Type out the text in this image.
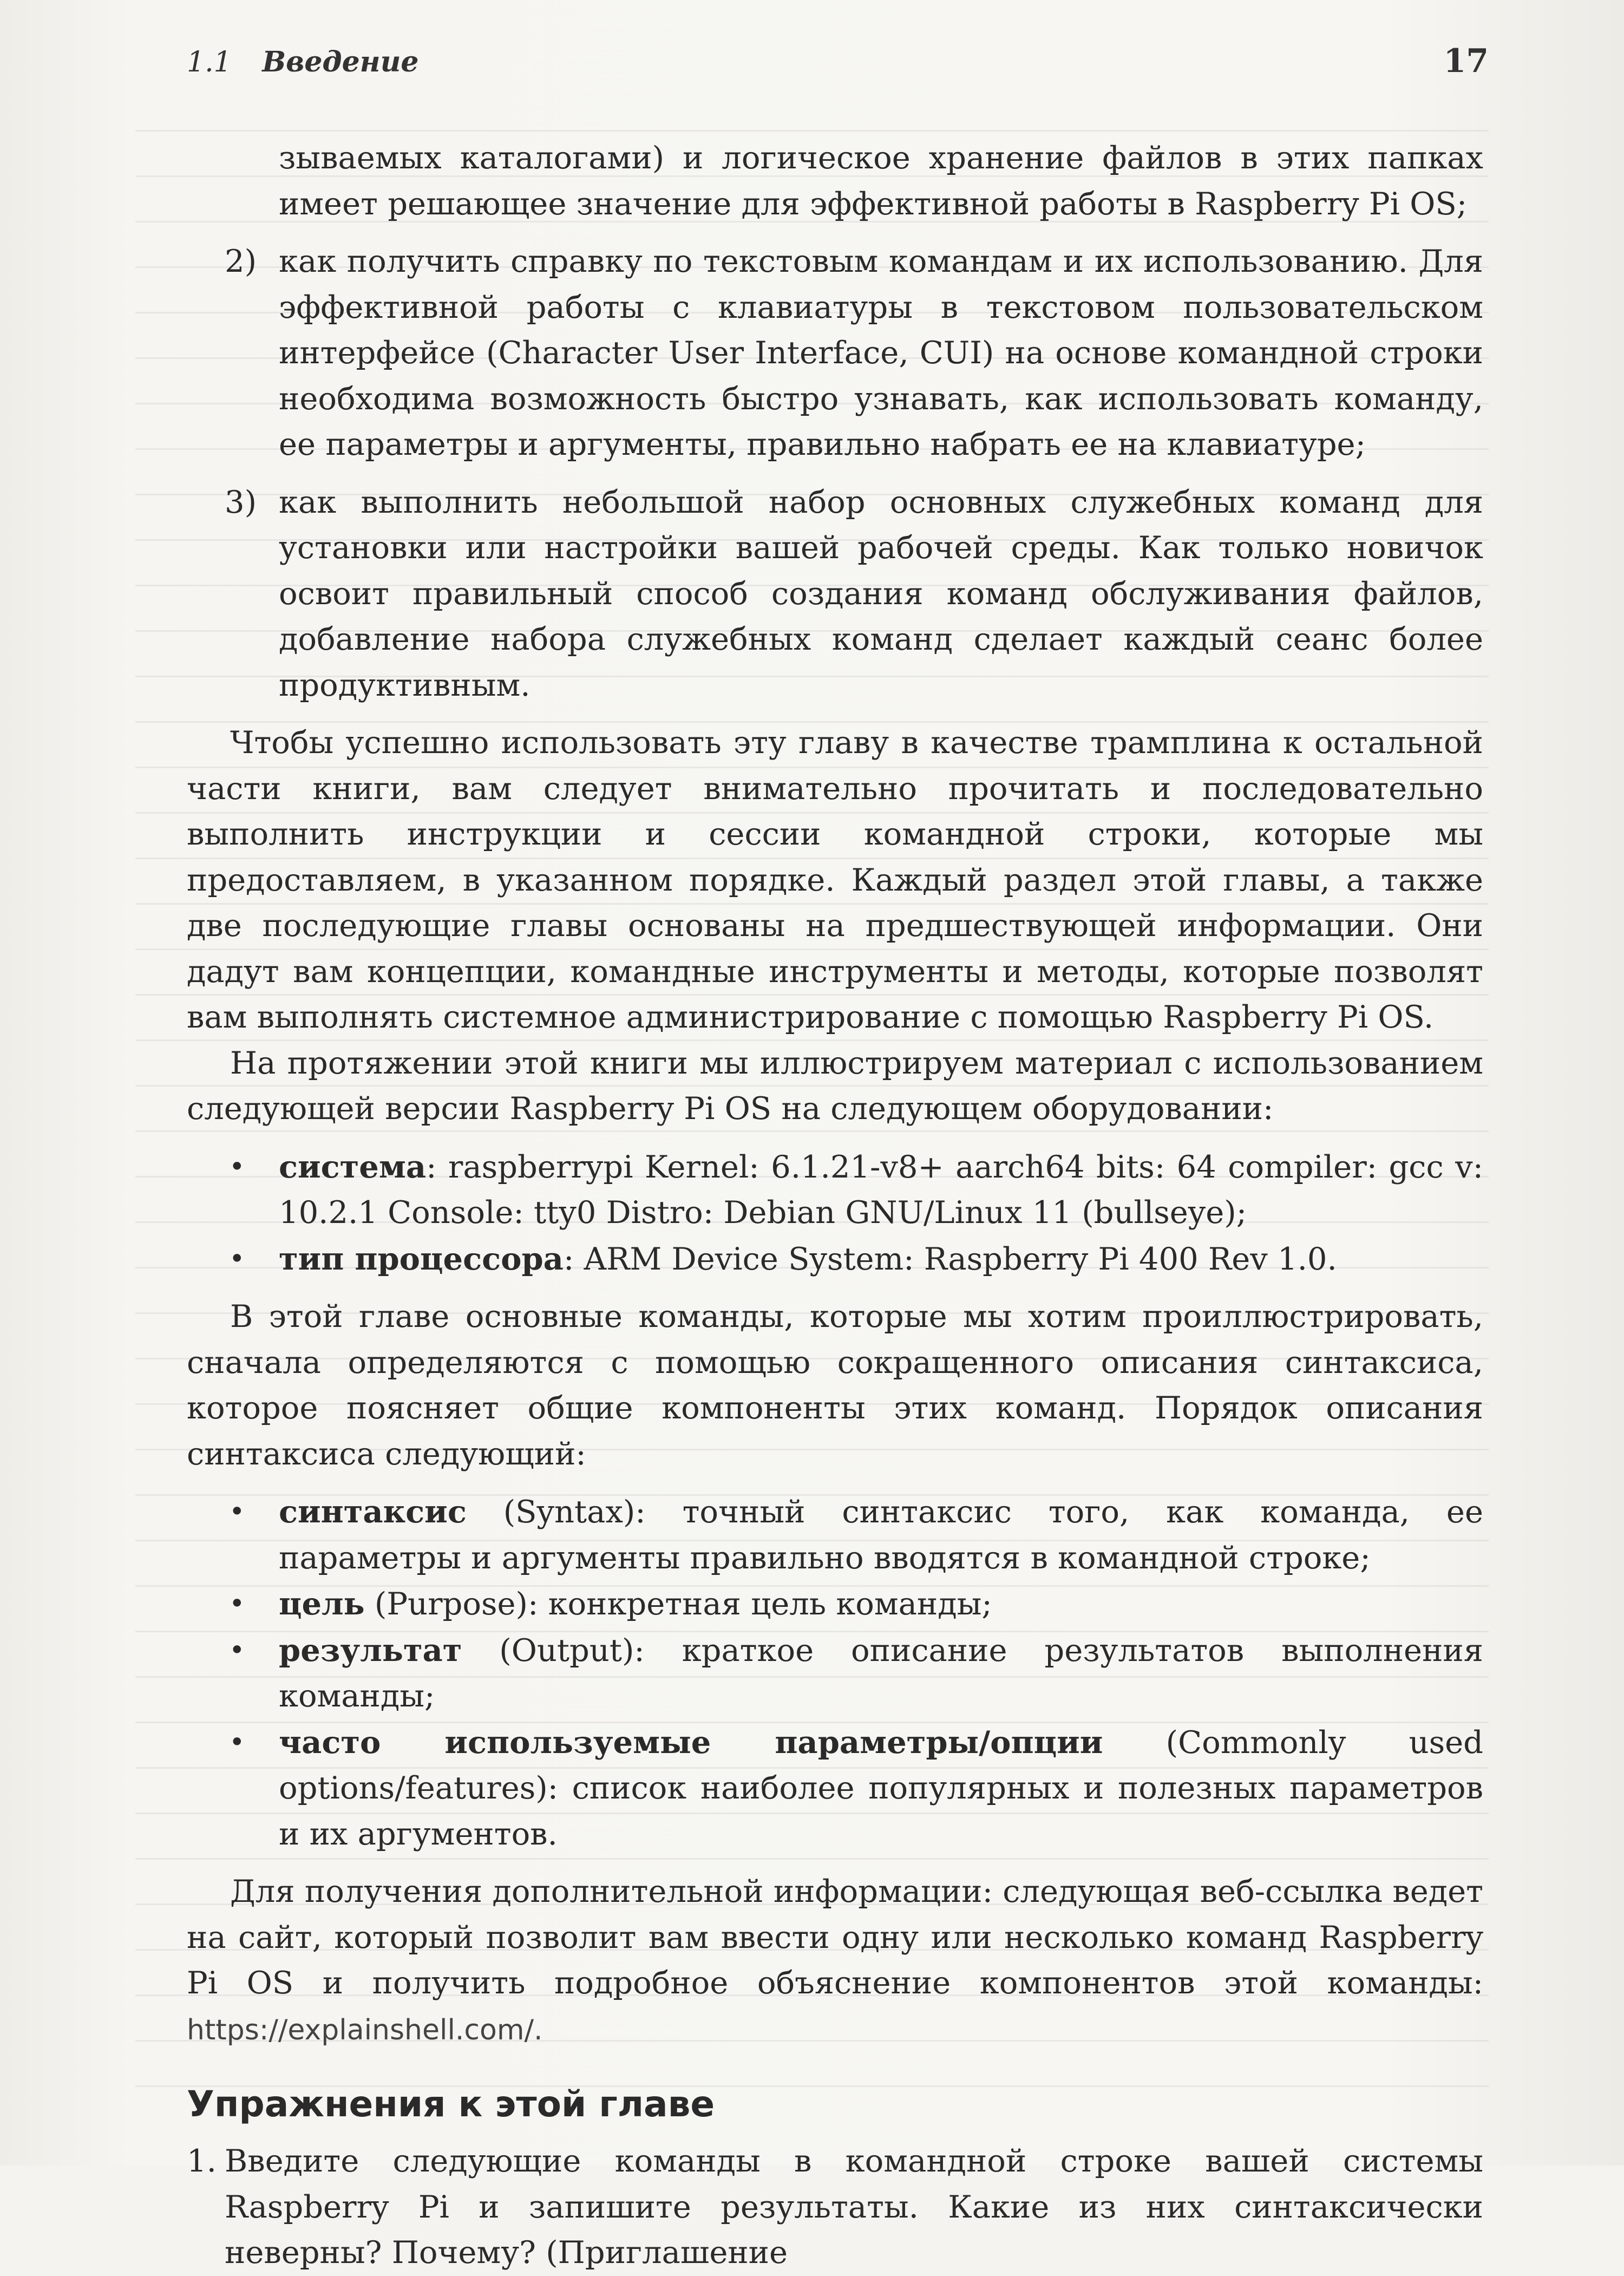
1.1 Введение	17
зываемых каталогами) и логическое хранение файлов в этих папках имеет решающее значение для эффективной работы в Raspberry Pi OS;
2) как получить справку по текстовым командам и их использованию. Для эффективной работы с клавиатуры в текстовом пользовательском интерфейсе (Character User Interface, CUI) на основе командной строки необходима возможность быстро узнавать, как использовать команду, ее параметры и аргументы, правильно набрать ее на клавиатуре;
3) как выполнить небольшой набор основных служебных команд для установки или настройки вашей рабочей среды. Как только новичок освоит правильный способ создания команд обслуживания файлов, добавление набора служебных команд сделает каждый сеанс более продуктивным.

Чтобы успешно использовать эту главу в качестве трамплина к остальной части книги, вам следует внимательно прочитать и последовательно выполнить инструкции и сессии командной строки, которые мы предоставляем, в указанном порядке. Каждый раздел этой главы, а также две последующие главы основаны на предшествующей информации. Они дадут вам концепции, командные инструменты и методы, которые позволят вам выполнять системное администрирование с помощью Raspberry Pi OS.

На протяжении этой книги мы иллюстрируем материал с использованием следующей версии Raspberry Pi OS на следующем оборудовании:

• система: raspberrypi Kernel: 6.1.21-v8+ aarch64 bits: 64 compiler: gcc v: 10.2.1 Console: tty0 Distro: Debian GNU/Linux 11 (bullseye);
• тип процессора: ARM Device System: Raspberry Pi 400 Rev 1.0.

В этой главе основные команды, которые мы хотим проиллюстрировать, сначала определяются с помощью сокращенного описания синтаксиса, которое поясняет общие компоненты этих команд. Порядок описания синтаксиса следующий:

• синтаксис (Syntax): точный синтаксис того, как команда, ее параметры и аргументы правильно вводятся в командной строке;
• цель (Purpose): конкретная цель команды;
• результат (Output): краткое описание результатов выполнения команды;
• часто используемые параметры/опции (Commonly used options/features): список наиболее популярных и полезных параметров и их аргументов.

Для получения дополнительной информации: следующая веб-ссылка ведет на сайт, который позволит вам ввести одну или несколько команд Raspberry Pi OS и получить подробное объяснение компонентов этой команды: https://explainshell.com/.

Упражнения к этой главе
1. Введите следующие команды в командной строке вашей системы Raspberry Pi и запишите результаты. Какие из них синтаксически неверны? Почему? (Приглашение
